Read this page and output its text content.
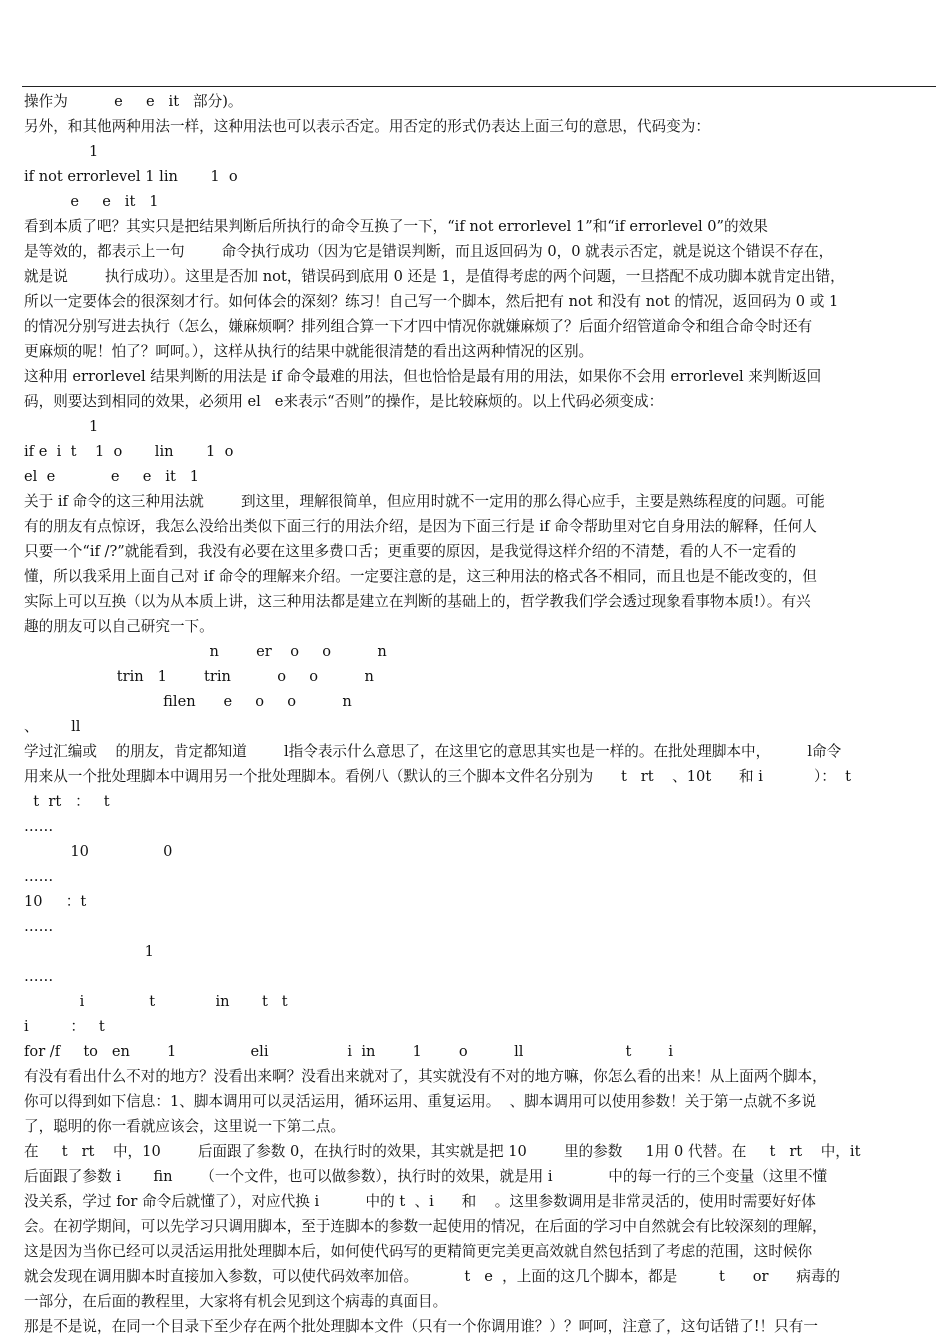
操作为          e     e   it   部分)。
另外，和其他两种用法一样，这种用法也可以表示否定。用否定的形式仍表达上面三句的意思，代码变为：
1
if not errorlevel 1 lin       1  o
e     e   it   1
看到本质了吧？其实只是把结果判断后所执行的命令互换了一下，“if not errorlevel 1”和“if errorlevel 0”的效果
是等效的，都表示上一句        命令执行成功（因为它是错误判断，而且返回码为 0，0 就表示否定，就是说这个错误不存在，
就是说        执行成功）。这里是否加 not，错误码到底用 0 还是 1，是值得考虑的两个问题，一旦搭配不成功脚本就肯定出错，
所以一定要体会的很深刻才行。如何体会的深刻？练习！自己写一个脚本，然后把有 not 和没有 not 的情况，返回码为 0 或 1
的情况分别写进去执行（怎么，嫌麻烦啊？排列组合算一下才四中情况你就嫌麻烦了？后面介绍管道命令和组合命令时还有
更麻烦的呢！怕了？呵呵。），这样从执行的结果中就能很清楚的看出这两种情况的区别。
这种用 errorlevel 结果判断的用法是 if 命令最难的用法，但也恰恰是最有用的用法，如果你不会用 errorlevel 来判断返回
码，则要达到相同的效果，必须用 el   e来表示“否则”的操作，是比较麻烦的。以上代码必须变成：
1
if e  i  t    1  o       lin       1  o
el  e            e     e   it   1
关于 if 命令的这三种用法就        到这里，理解很简单，但应用时就不一定用的那么得心应手，主要是熟练程度的问题。可能
有的朋友有点惊讶，我怎么没给出类似下面三行的用法介绍，是因为下面三行是 if 命令帮助里对它自身用法的解释，任何人
只要一个“if /?”就能看到，我没有必要在这里多费口舌；更重要的原因，是我觉得这样介绍的不清楚，看的人不一定看的
懂，所以我采用上面自己对 if 命令的理解来介绍。一定要注意的是，这三种用法的格式各不相同，而且也是不能改变的，但
实际上可以互换（以为从本质上讲，这三种用法都是建立在判断的基础上的，哲学教我们学会透过现象看事物本质!）。有兴
趣的朋友可以自己研究一下。
n        er    o     o          n
trin   1        trin          o     o          n
filen      e     o     o          n
、       ll
学过汇编或    的朋友，肯定都知道        l指令表示什么意思了，在这里它的意思其实也是一样的。在批处理脚本中，        l命令
用来从一个批处理脚本中调用另一个批处理脚本。看例八（默认的三个脚本文件名分别为      t   rt    、10t      和 i           ）：  t
t  rt   ：   t
……
10                0
……
10     ：t
……
1
……
i              t             in       t   t
i         ：   t
for /f     to   en        1                eli                 i  in        1        o          ll                      t        i
有没有看出什么不对的地方？没看出来啊？没看出来就对了，其实就没有不对的地方嘛，你怎么看的出来！从上面两个脚本，
你可以得到如下信息：1、脚本调用可以灵活运用，循环运用、重复运用。  、脚本调用可以使用参数！关于第一点就不多说
了，聪明的你一看就应该会，这里说一下第二点。
在     t   rt    中，10        后面跟了参数 0，在执行时的效果，其实就是把 10        里的参数     1用 0 代替。在     t   rt    中，it
后面跟了参数 i       fin      （一个文件，也可以做参数），执行时的效果，就是用 i            中的每一行的三个变量（这里不懂
没关系，学过 for 命令后就懂了），对应代换 i          中的 t  、i      和    。这里参数调用是非常灵活的，使用时需要好好体
会。在初学期间，可以先学习只调用脚本，至于连脚本的参数一起使用的情况，在后面的学习中自然就会有比较深刻的理解，
这是因为当你已经可以灵活运用批处理脚本后，如何使代码写的更精简更完美更高效就自然包括到了考虑的范围，这时候你
就会发现在调用脚本时直接加入参数，可以使代码效率加倍。          t   e  ，上面的这几个脚本，都是         t      or      病毒的
一部分，在后面的教程里，大家将有机会见到这个病毒的真面目。
那是不是说，在同一个目录下至少存在两个批处理脚本文件（只有一个你调用谁？）？呵呵，注意了，这句话错了!！只有一
